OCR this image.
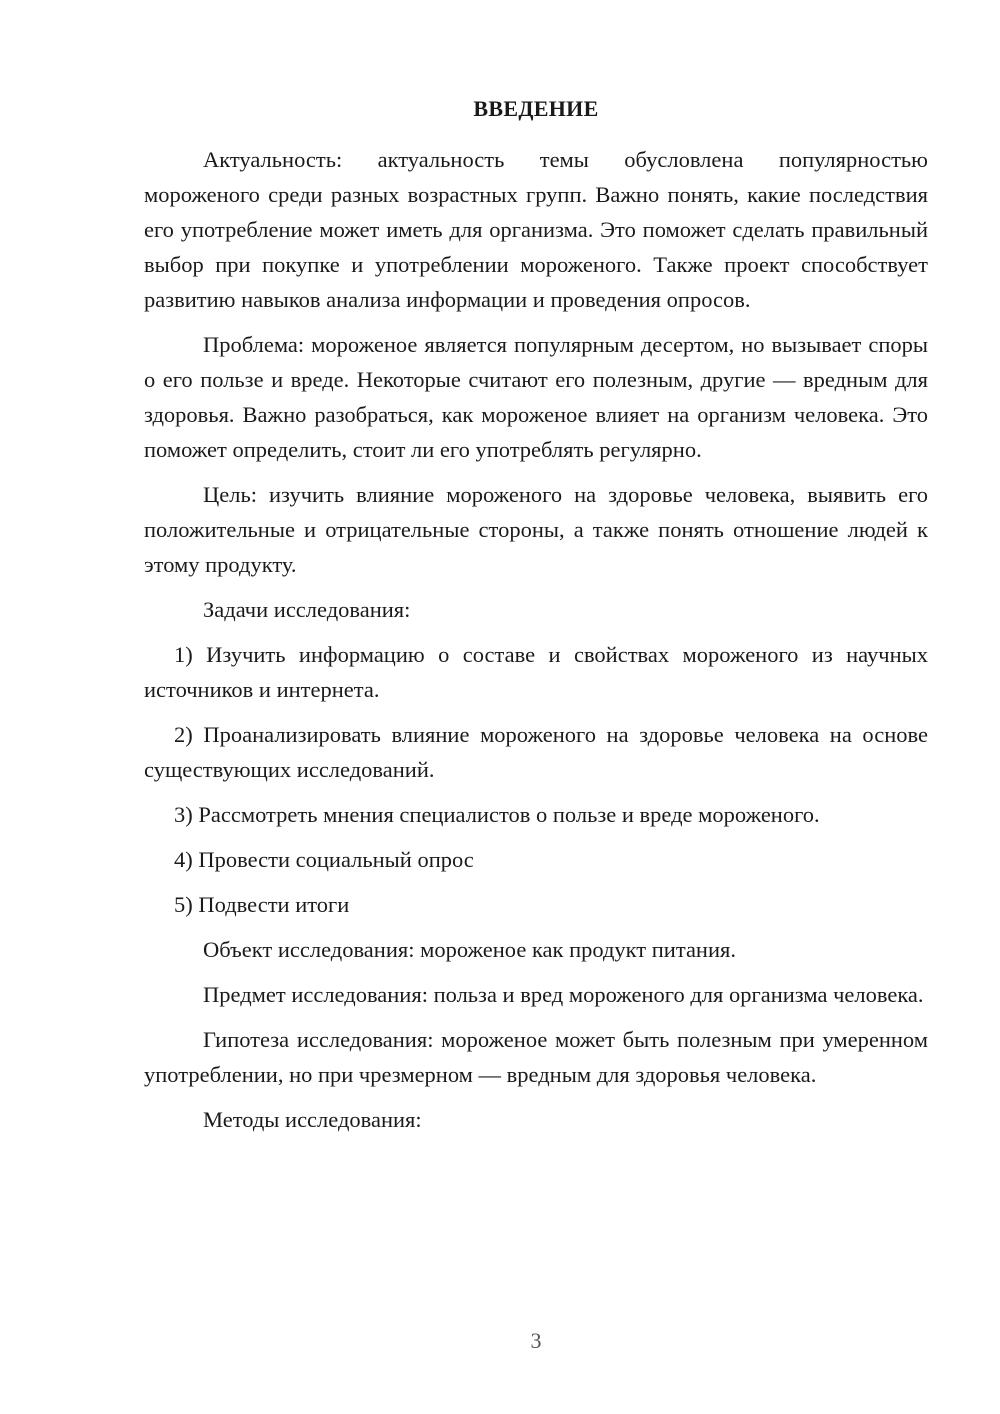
ВВЕДЕНИЕ

Актуальность: актуальность темы обусловлена популярностью мороженого среди разных возрастных групп. Важно понять, какие последствия его употребление может иметь для организма. Это поможет сделать правильный выбор при покупке и употреблении мороженого. Также проект способствует развитию навыков анализа информации и проведения опросов.

Проблема: мороженое является популярным десертом, но вызывает споры о его пользе и вреде. Некоторые считают его полезным, другие — вредным для здоровья. Важно разобраться, как мороженое влияет на организм человека. Это поможет определить, стоит ли его употреблять регулярно.

Цель: изучить влияние мороженого на здоровье человека, выявить его положительные и отрицательные стороны, а также понять отношение людей к этому продукту.

Задачи исследования:

1) Изучить информацию о составе и свойствах мороженого из научных источников и интернета.

2) Проанализировать влияние мороженого на здоровье человека на основе существующих исследований.

3) Рассмотреть мнения специалистов о пользе и вреде мороженого.

4) Провести социальный опрос

5) Подвести итоги

Объект исследования: мороженое как продукт питания.

Предмет исследования: польза и вред мороженого для организма человека.

Гипотеза исследования: мороженое может быть полезным при умеренном употреблении, но при чрезмерном — вредным для здоровья человека.

Методы исследования:

3
